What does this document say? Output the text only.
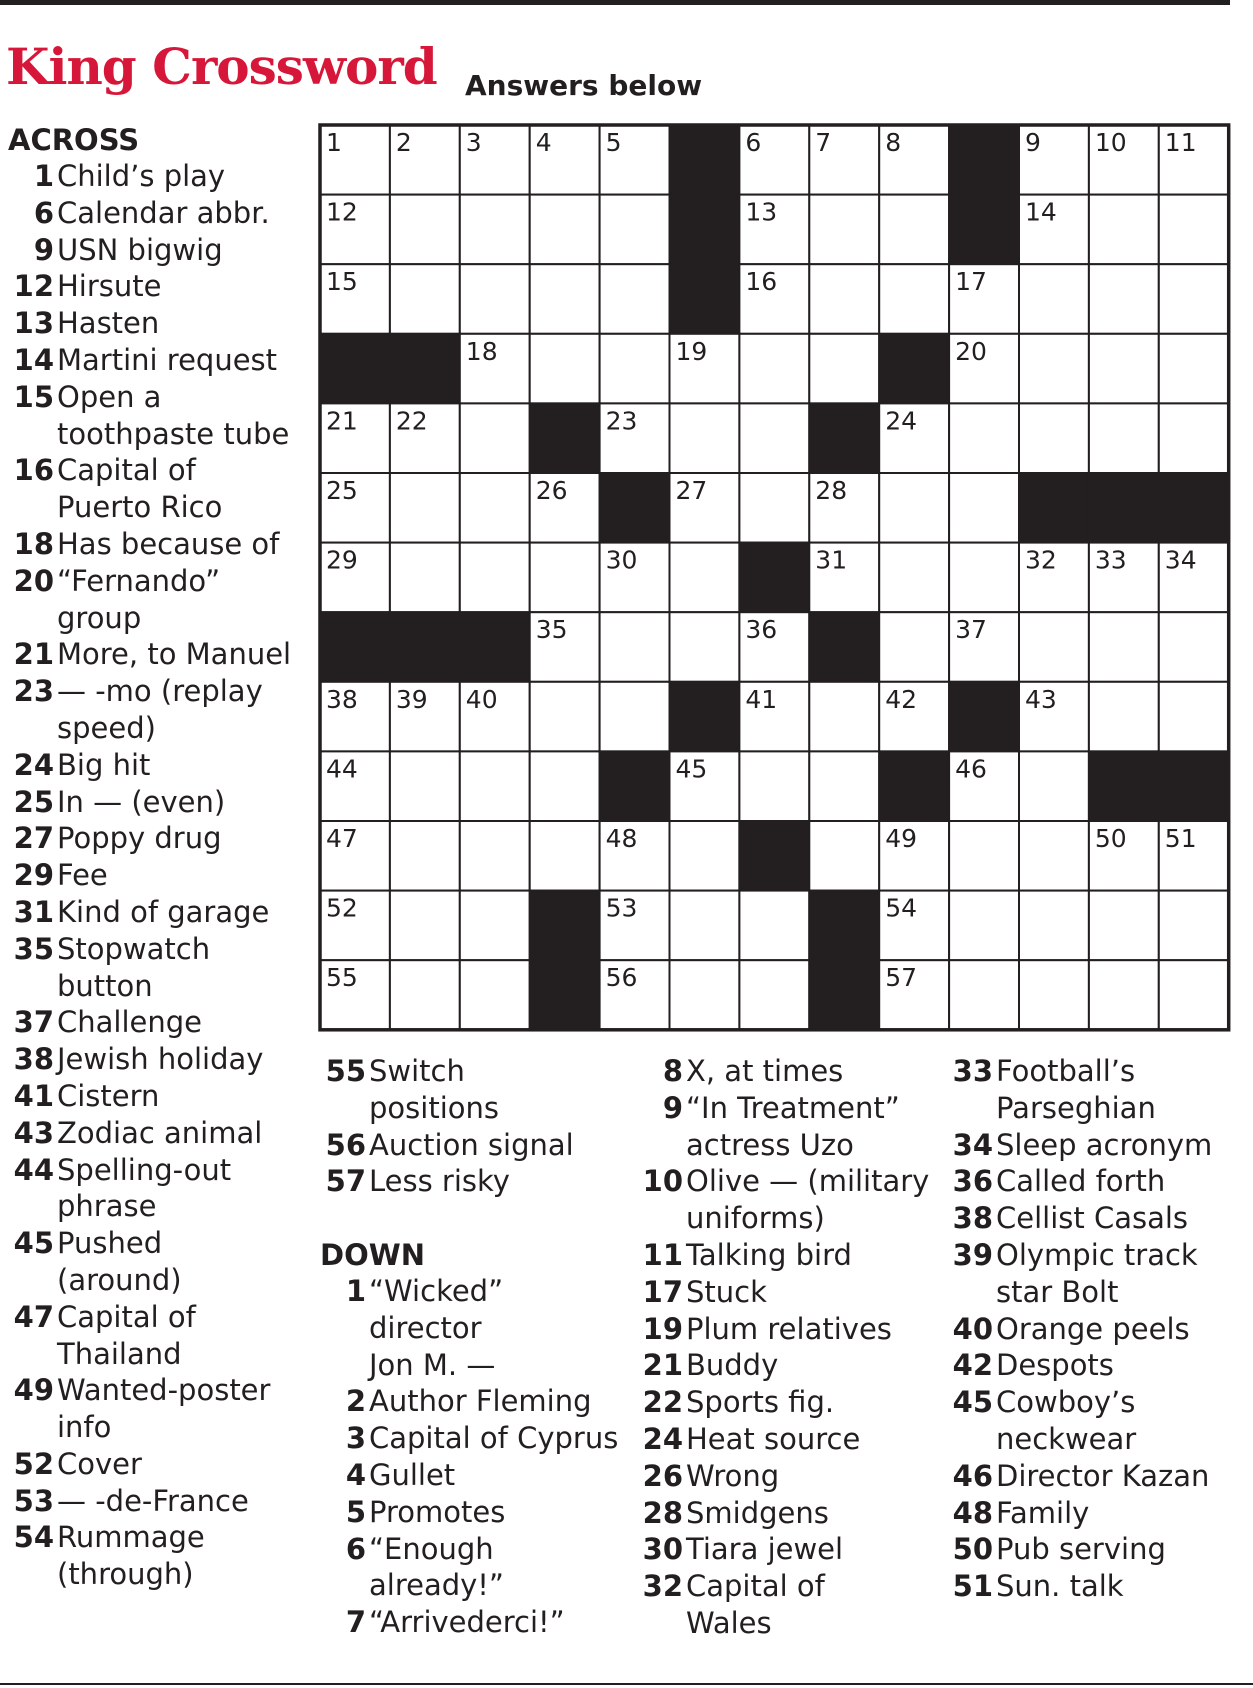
King Crossword Answers below
ACROSS
1 Child’s play
6 Calendar abbr.
9 USN bigwig
12 Hirsute
13 Hasten
14 Martini request
15 Open a
toothpaste tube
16 Capital of
Puerto Rico
18 Has because of
20 “Fernando”
group
21 More, to Manuel
23 — -mo (replay
speed)
24 Big hit
25 In — (even)
27 Poppy drug
29 Fee
31 Kind of garage
35 Stopwatch
button
37 Challenge
38 Jewish holiday
41 Cistern
43 Zodiac animal
44 Spelling-out
phrase
45 Pushed
(around)
47 Capital of
Thailand
49 Wanted-poster
info
52 Cover
53 — -de-France
54 Rummage
(through)
55 Switch
positions
56 Auction signal
57 Less risky
DOWN
1 “Wicked” director
Jon M. —
2 Author Fleming
3 Capital of Cyprus
4 Gullet
5 Promotes
6 “Enough
already!”
7 “Arrivederci!”
8 X, at times
9 “In Treatment”
actress Uzo
10 Olive — (military
uniforms)
11 Talking bird
17 Stuck
19 Plum relatives
21 Buddy
22 Sports fig.
24 Heat source
26 Wrong
28 Smidgens
30 Tiara jewel
32 Capital of
Wales
33 Football’s
Parseghian
34 Sleep acronym
36 Called forth
38 Cellist Casals
39 Olympic track
star Bolt
40 Orange peels
42 Despots
45 Cowboy’s
neckwear
46 Director Kazan
48 Family
50 Pub serving
51 Sun. talk
1 2 3 4 5	6 7 8	9 10 11
12	13	14
15	16	17
18	19	20
21 22	23	24
25	26	27	28
29	30	31	32 33 34
35	36	37
38 39 40	41	42	43
44	45	46
47	48	49	50 51
52	53	54
55	56	57
